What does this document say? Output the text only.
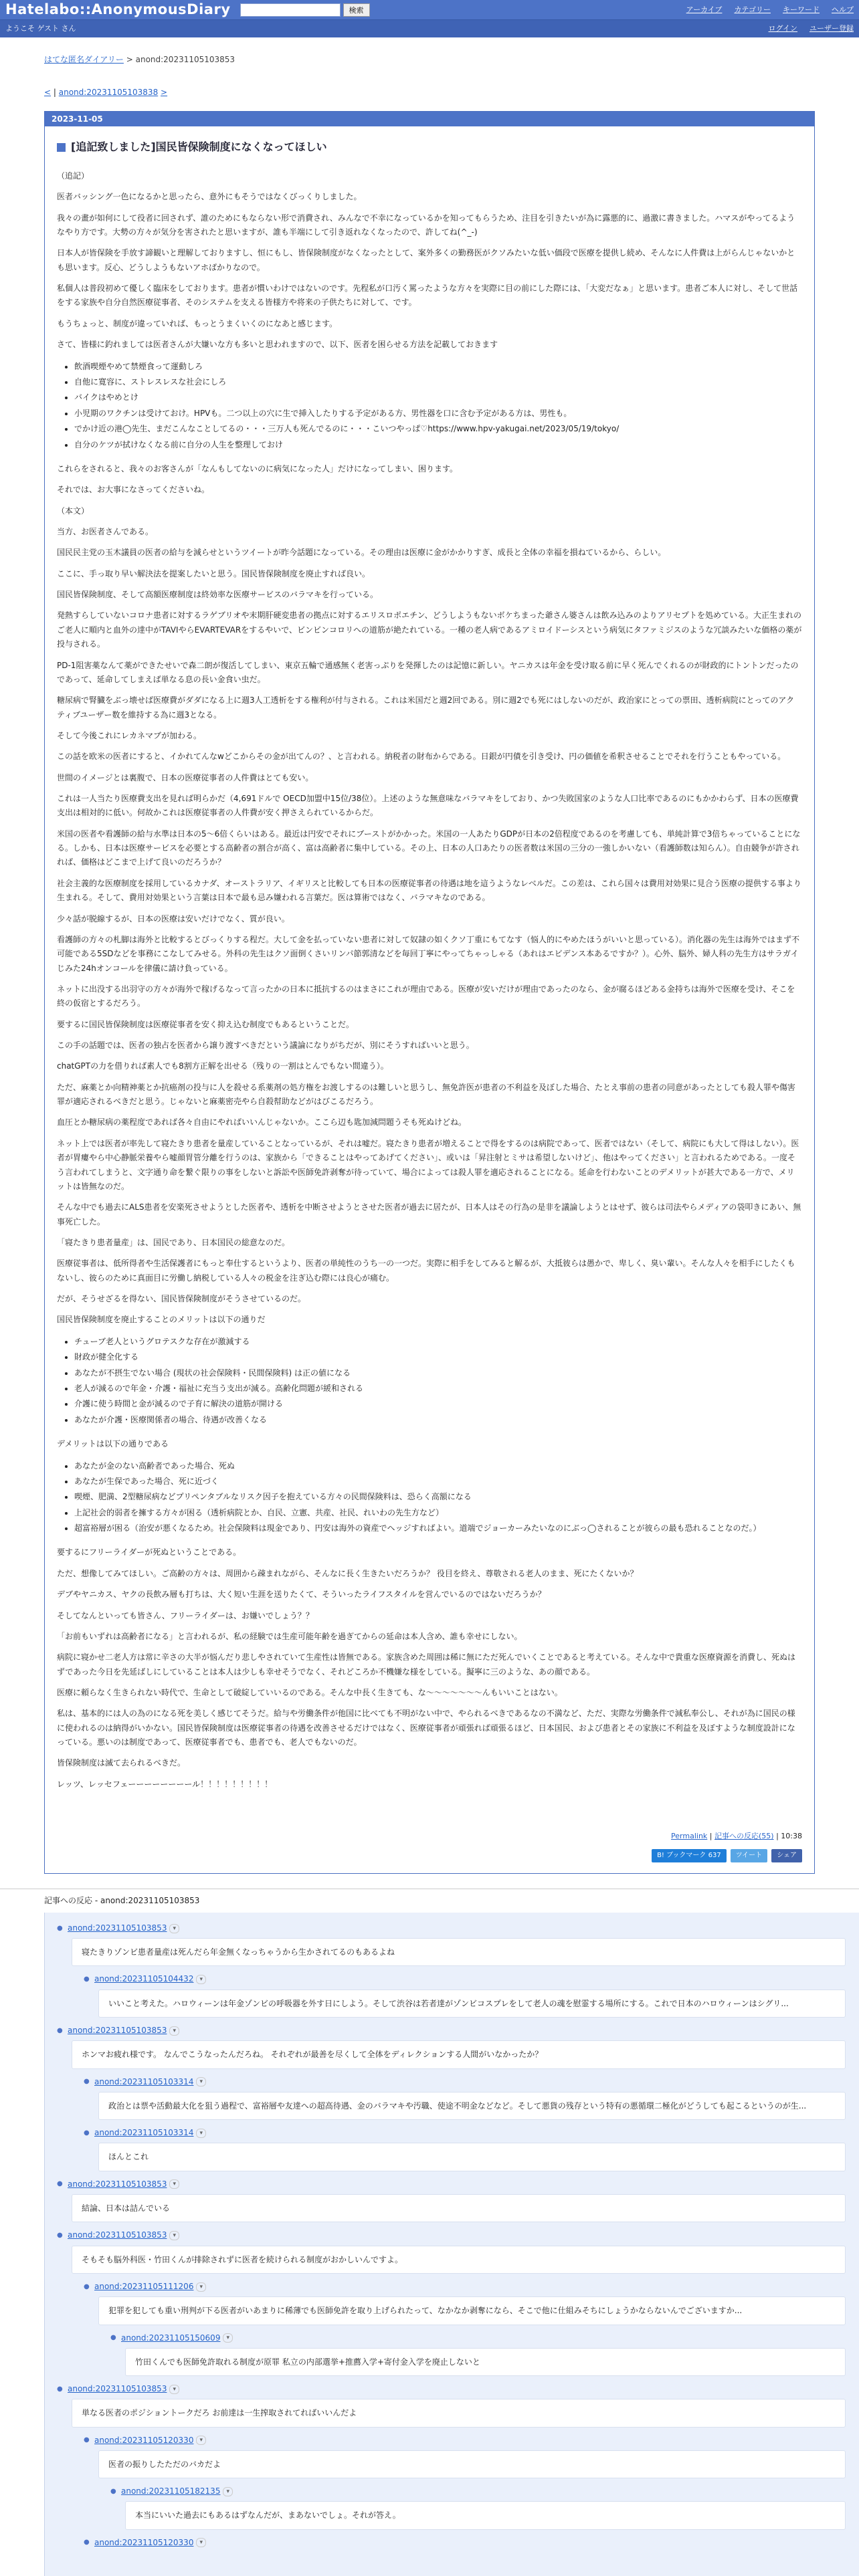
Hatelabo::AnonymousDiary	検索	アーカイブ カテゴリー キーワード ヘルプ
ようこそ ゲスト さん	ログイン ユーザー登録
はてな匿名ダイアリー > anond:20231105103853
< | anond:20231105103838 >
2023-11-05
[追記致しました]国民皆保険制度になくなってほしい

（追記）

医者バッシング一色になるかと思ったら、意外にもそうではなくびっくりしました。

我々の畫が如何にして役者に回されず、誰のためにもならない形で消費され、みんなで不幸になっているかを知ってもらうため、注目を引きたいが為に露悪的に、過激に書きました。ハマスがやってるようなやり方です。大勢の方々が気分を害されたと思いますが、誰も半端にして引き返れなくなったので、許してね(^_-)

日本人が皆保険を手放す諦観いと理解しておりますし、恒にもし、皆保険制度がなくなったとして、案外多くの勤務医がクソみたいな低い価段で医療を提供し続め、そんなに人件費は上がらんじゃないかとも思います。反心、どうしようもないアホばかりなので。

私個人は普段初めて優しく臨床をしております。患者が慣いわけではないのです。先程私が口汚く罵ったような方々を実際に目の前にした際には、「大変だなぁ」と思います。患者ご本人に対し、そして世話をする家族や自分自然医療従事者、そのシステムを支える皆様方や将来の子供たちに対して、です。

もうちょっと、制度が違っていれば、もっとうまくいくのになあと感じます。

さて、皆様に釣れましては医者さんが大嫌いな方も多いと思われますので、以下、医者を困らせる方法を記載しておきます

• 飲酒喫煙やめて禁煙食って運動しろ
• 自他に寛容に、ストレスレスな社会にしろ
• バイクはやめとけ
• 小児期のワクチンは受けておけ。HPVも。二つ以上の穴に生で挿入したりする予定がある方、男性器を口に含む予定がある方は、男性も。
• でかけ近の港◯先生、まだこんなことしてるの・・・三万人も死んでるのに・・・こいつやっぱ♡https://www.hpv-yakugai.net/2023/05/19/tokyo/
• 自分のケツが拭けなくなる前に自分の人生を整理しておけ

これらをされると、我々のお客さんが「なんもしてないのに病気になった人」だけになってしまい、困ります。

それでは、お大事になさってくださいね。

（本文）

当方、お医者さんである。

国民民主党の玉木議員の医者の給与を減らせというツイートが昨今話題になっている。その理由は医療に金がかかりすぎ、成長と全体の幸福を損ねているから、らしい。

ここに、手っ取り早い解決法を提案したいと思う。国民皆保険制度を廃止すれば良い。

国民皆保険制度、そして高額医療制度は終効率な医療サービスのバラマキを行っている。

発熱すらしていないコロナ患者に対するラゲブリオや末期肝硬変患者の拠点に対するエリスロポエチン、どうしようもないボケちまった爺さん婆さんは飲み込みのよりアリセプトを処めている。大正生まれのご老人に順内と血外の達中がTAVIやらEVARTEVARをするやいで、ビンビンコロリへの道筋が絶たれている。一種の老人病であるアミロイドーシスという病気にタファミジスのような冗談みたいな価格の薬が投与される。

PD-1阻害薬なんて薬ができたせいで森二朗が復活してしまい、東京五輪で通感無く老害っぷりを発揮したのは記憶に新しい。ヤニカスは年金を受け取る前に早く死んでくれるのが財政的にトントンだったのであって、延命してしまえば単なる息の長い金食い虫だ。

糖尿病で腎臓をぶっ壊せば医療費がダダになる上に週3人工透析をする権利が付与される。これは米国だと週2回である。別に週2でも死にはしないのだが、政治家にとっての票田、透析病院にとってのアクティブユーザー数を維持する為に週3となる。

そして今後これにレカネマブが加わる。

この話を欧米の医者にすると、イかれてんなwどこからその金が出てんの？、と言われる。納税者の財布からである。日銀が円債を引き受け、円の価値を希釈させることでそれを行うこともやっている。

世間のイメージとは裏腹で、日本の医療従事者の人件費はとても安い。

これは一人当たり医療費支出を見れば明らかだ（4,691ドルで OECD加盟中15位/38位）。上述のような無意味なバラマキをしており、かつ失敗国家のような人口比率であるのにもかかわらず、日本の医療費支出は相対的に低い。何故かこれは医療従事者の人件費が安く押さえられているからだ。

米国の医者や看護師の給与水準は日本の5〜6倍くらいはある。最近は円安でそれにブーストがかかった。米国の一人あたりGDPが日本の2倍程度であるのを考慮しても、単純計算で3倍ちゃっていることになる。しかも、日本は医療サービスを必要とする高齢者の割合が高く、富は高齢者に集中している。その上、日本の人口あたりの医者数は米国の三分の一強しかいない（看護師数は知らん）。自由競争が許されれば、価格はどこまで上げて良いのだろうか？

社会主義的な医療制度を採用しているカナダ、オーストラリア、イギリスと比較しても日本の医療従事者の待遇は地を這うようなレベルだ。この差は、これら国々は費用対効果に見合う医療の提供する事より生まれる。そして、費用対効果という言葉は日本で最も忌み嫌われる言葉だ。医は算術ではなく、バラマキなのである。

少々話が脱線するが、日本の医療は安いだけでなく、質が良い。

看護師の方々の札脚は海外と比較するとびっくりする程だ。大して金を払っていない患者に対して奴隷の如くクソ丁重にもてなす（悩人的にやめたほうがいいと思っている）。消化器の先生は海外ではまず不可能である5SDなどを事務にこなしてみせる。外科の先生はクソ面倒くさいリンパ節郭清などを毎回丁寧にやってちゃっしゃる（あれはエビデンス本あるですか？）。心外、脳外、婦人科の先生方はサラガイじみた24hオンコールを律儀に請け負っている。

ネットに出没する出羽守の方々が海外で稼げるなって言ったかの日本に抵抗するのはまさにこれが理由である。医療が安いだけが理由であったのなら、金が腐るほどある金持ちは海外で医療を受け、そこを終の仮宿とするだろう。

要するに国民皆保険制度は医療従事者を安く抑え込む制度でもあるということだ。

この手の話題では、医者の独占を医者から譲り渡すべきだという議論になりがちだが、別にそうすればいいと思う。

chatGPTの力を借りれば素人でも8割方正解を出せる（残りの一割はとんでもない間違う）。

ただ、麻薬とか向精神薬とか抗癌剤の投与に人を殺せる系薬剤の処方権をお渡しするのは難しいと思うし、無免許医が患者の不利益を及ぼした場合、たとえ事前の患者の同意があったとしても殺人罪や傷害罪が適応されるべきだと思う。じゃないと麻薬密売やら自殺幇助などがはびこるだろう。

血圧とか糖尿病の薬程度であれば各々自由にやればいいんじゃないか。ここら辺も匙加減問題うそも死ぬけどね。

ネット上では医者が率先して寝たきり患者を量産していることなっているが、それは嘘だ。寝たきり患者が増えることで得をするのは病院であって、医者ではない（そして、病院にも大して得はしない）。医者が胃瘻やら中心静脈栄養やら嘘顔胃管分離を行うのは、家族から「できることはやってあげてください」、或いは「昇注射とミサは希望しないけど」、他はやってください」と言われるためである。一度そう言われてしまうと、文字通り命を繋ぐ限りの事をしないと訴訟や医師免許剥奪が待っていて、場合によっては殺人罪を適応されることになる。延命を行わないことのデメリットが甚大である一方で、メリットは皆無なのだ。

そんな中でも過去にALS患者を安楽死させようとした医者や、透析を中断させようとさせた医者が過去に居たが、日本人はその行為の是非を議論しようとはせず、彼らは司法やらメディアの袋叩きにあい、無事死亡した。

「寝たきり患者量産」は、国民であり、日本国民の総意なのだ。

医療従事者は、低所得者や生活保護者にもっと奉仕するというより、医者の単純性のうち一の一つだ。実際に相手をしてみると解るが、大抵彼らは愚かで、卑しく、臭い輩い。そんな人々を相手にしたくもないし、彼らのために真面目に労働し納税している人々の税金を注ぎ込む際には良心が痛む。

だが、そうせざるを得ない、国民皆保険制度がそうさせているのだ。

国民皆保険制度を廃止することのメリットは以下の通りだ

• チューブ老人というグロテスクな存在が激減する
• 財政が健全化する
• あなたが不摂生でない場合 (現状の社会保険料・民間保険料) は正の値になる
• 老人が減るので年金・介護・福祉に充当う支出が減る。高齢化問題が緩和される
• 介護に使う時間と金が減るので子育に解決の道筋が開ける
• あなたが介護・医療関係者の場合、待遇が改善くなる

デメリットは以下の通りである

• あなたが金のない高齢者であった場合、死ぬ
• あなたが生保であった場合、死に近づく
• 喫煙、肥満、2型糖尿病などプリペンタブルなリスク因子を抱えている方々の民間保険料は、恐らく高額になる
• 上記社会的弱者を擁する方々が困る（透析病院とか、自民、立憲、共産、社民、れいわの先生方など）
• 超富裕層が困る（治安が悪くなるため。社会保険料は現金であり、円安は海外の資産でヘッジすればよい。道端でジョーカーみたいなのにぶっ◯されることが彼らの最も恐れることなのだ。）

要するにフリーライダーが死ぬということである。

ただ、想像してみてほしい。ご高齢の方々は、周囲から疎まれながら、そんなに長く生きたいだろうか？ 役目を終え、尊敬される老人のまま、死にたくないか？

デブやヤニカス、ヤクの長飲み層も打ちは、大く短い生涯を送りたくて、そういったライフスタイルを営んでいるのではないだろうか？

そしてなんといっても皆さん、フリーライダーは、お嫌いでしょう？？

「お前もいずれは高齢者になる」と言われるが、私の経験では生産可能年齢を過ぎてからの延命は本人含め、誰も幸せにしない。

病院に寝かせ二老人方は常に辛さの大半が悩んだり悲しやされていて生産性は皆無である。家族含めた周囲は稀に無にただ死んでいくことであると考えている。そんな中で貴重な医療資源を消費し、死ぬはずであった今日を先延ばしにしていることは本人は少しも幸せそうでなく、それどころか不機嫌な様をしている。擬寧に三のような、あの顔である。

医療に頼らなく生きられない時代で、生命として破綻していいるのである。そんな中長く生きても、な〜〜〜〜〜〜〜んもいいことはない。

私は、基本的には人の為のになる死を美しく感じてそうだ。給与や労働条件が他国に比べても不明がない中で、やられるべきであるなの不満など、ただ、実際な労働条件で減私奉公し、それが為に国民の様に使われるのは納得がいかない。国民皆保険制度は医療従事者の待遇を改善させるだけではなく、医療従事者が頑張れば頑張るほど、日本国民、および患者とその家族に不利益を及ぼすような制度設計になっている。悪いのは制度であって、医療従事者でも、患者でも、老人でもないのだ。

皆保険制度は滅て去られるべきだ。

レッツ、レッセフェーーーーーーーール！！！！！！！！！

Permalink | 記事への反応(55) | 10:38
B! ブックマーク 637	ツイート	シェア
記事への反応 - anond:20231105103853
● anond:20231105103853	▾
寝たきりゾンビ患者量産は死んだら年金無くなっちゃうから生かされてるのもあるよね
● anond:20231105104432	▾
いいこと考えた。ハロウィーンは年金ゾンビの呼吸器を外す日にしよう。そして渋谷は若者達がゾンビコスプレをして老人の魂を慰霊する場所にする。これで日本のハロウィーンはシグリ...
● anond:20231105103853	▾
ホンマお疲れ様です。 なんでこうなったんだろね。 それぞれが最善を尽くして全体をディレクションする人間がいなかったか？
● anond:20231105103314	▾
政治とは票や活動最大化を狙う過程で、富裕層や友達への超高待遇、金のバラマキや汚職、使途不明金などなど。そして悪貨の残存という特有の悪循環二極化がどうしても起こるというのが生...
● anond:20231105103314	▾
ほんとこれ
● anond:20231105103853	▾
結論、日本は詰んでいる
● anond:20231105103853	▾
そもそも脳外科医・竹田くんが排除されずに医者を続けられる制度がおかしいんですよ。
● anond:20231105111206	▾
犯罪を犯しても重い刑判が下る医者がいあまりに稀薄でも医師免許を取り上げられたって、なかなか剥奪になら、そこで他に仕組みそちにしょうかならないんでございますか...
● anond:20231105150609	▾
竹田くんでも医師免許取れる制度が原罪 私立の内部選挙+推薦入学+寄付金入学を廃止しないと
● anond:20231105103853	▾
単なる医者のポジショントークだろ お前達は一生搾取されてればいいんだよ
● anond:20231105120330	▾
医者の振りしたただのバカだよ
● anond:20231105182135	▾
本当にいいた過去にもあるはずなんだが、まあないでしょ。それが答え。
● anond:20231105120330	▾
